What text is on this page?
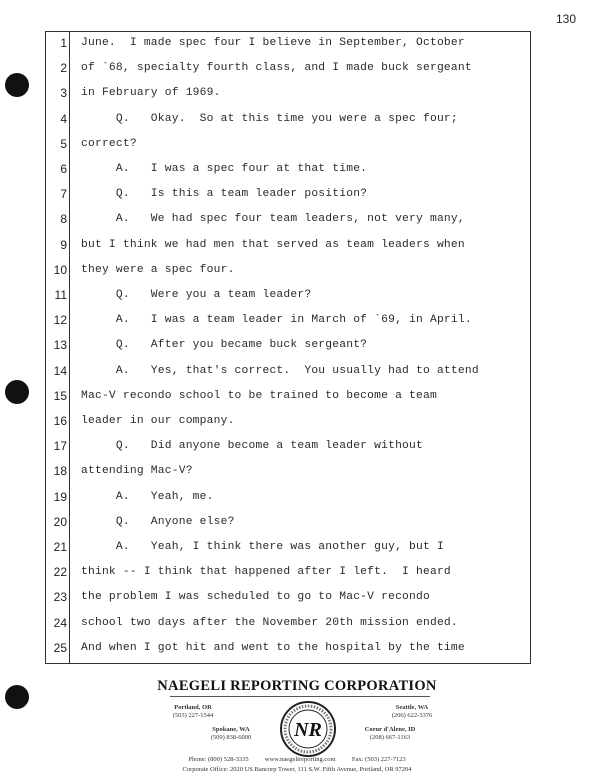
130
1 June.  I made spec four I believe in September, October
2 of `68, specialty fourth class, and I made buck sergeant
3 in February of 1969.
4 Q.   Okay.  So at this time you were a spec four;
5 correct?
6 A.   I was a spec four at that time.
7 Q.   Is this a team leader position?
8 A.   We had spec four team leaders, not very many,
9 but I think we had men that served as team leaders when
10 they were a spec four.
11 Q.   Were you a team leader?
12 A.   I was a team leader in March of `69, in April.
13 Q.   After you became buck sergeant?
14 A.   Yes, that's correct.  You usually had to attend
15 Mac-V recondo school to be trained to become a team
16 leader in our company.
17 Q.   Did anyone become a team leader without
18 attending Mac-V?
19 A.   Yeah, me.
20 Q.   Anyone else?
21 A.   Yeah, I think there was another guy, but I
22 think -- I think that happened after I left.  I heard
23 the problem I was scheduled to go to Mac-V recondo
24 school two days after the November 20th mission ended.
25 And when I got hit and went to the hospital by the time
NAEGELI REPORTING CORPORATION
Portland, OR
(503) 227-1544
Seattle, WA
(206) 622-3376
Spokane, WA
(509) 838-6000
Coeur d'Alene, ID
(208) 667-1163
NR
Phone: (800) 528-3335	www.naegelireporting.com	Fax: (503) 227-7123
Corporate Office: 2020 US Bancorp Tower, 111 S.W. Fifth Avenue, Portland, OR 97204
